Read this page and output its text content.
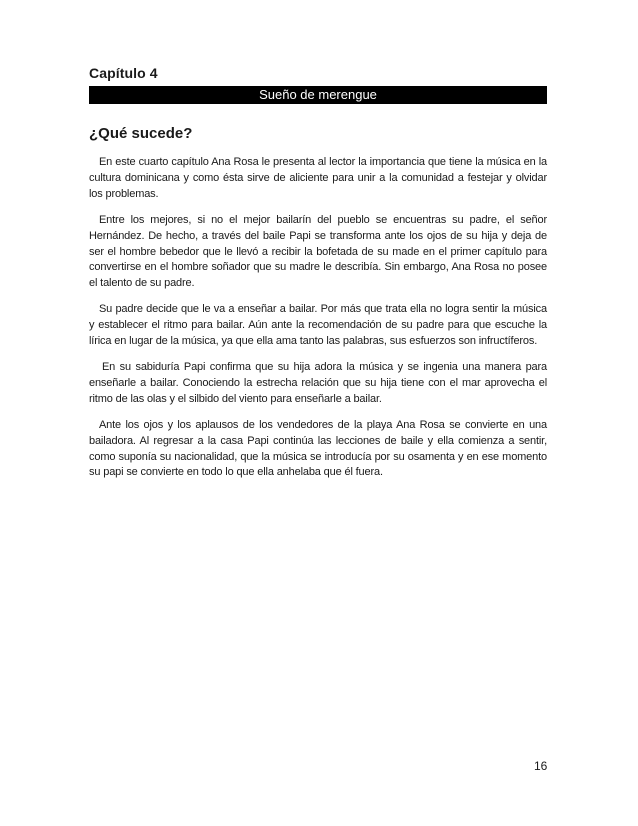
Capítulo 4
Sueño de merengue
¿Qué sucede?

En este cuarto capítulo Ana Rosa le presenta al lector la importancia que tiene la música en la cultura dominicana y como ésta sirve de aliciente para unir a la comunidad a festejar y olvidar los problemas.

Entre los mejores, si no el mejor bailarín del pueblo se encuentras su padre, el señor Hernández. De hecho, a través del baile Papi se transforma ante los ojos de su hija y deja de ser el hombre bebedor que le llevó a recibir la bofetada de su made en el primer capítulo para convertirse en el hombre soñador que su madre le describía. Sin embargo, Ana Rosa no posee el talento de su padre.

Su padre decide que le va a enseñar a bailar. Por más que trata ella no logra sentir la música y establecer el ritmo para bailar. Aún ante la recomendación de su padre para que escuche la lírica en lugar de la música, ya que ella ama tanto las palabras, sus esfuerzos son infructíferos.

En su sabiduría Papi confirma que su hija adora la música y se ingenia una manera para enseñarle a bailar. Conociendo la estrecha relación que su hija tiene con el mar aprovecha el ritmo de las olas y el silbido del viento para enseñarle a bailar.

Ante los ojos y los aplausos de los vendedores de la playa Ana Rosa se convierte en una bailadora. Al regresar a la casa Papi continúa las lecciones de baile y ella comienza a sentir, como suponía su nacionalidad, que la música se introducía por su osamenta y en ese momento su papi se convierte en todo lo que ella anhelaba que él fuera.

16
